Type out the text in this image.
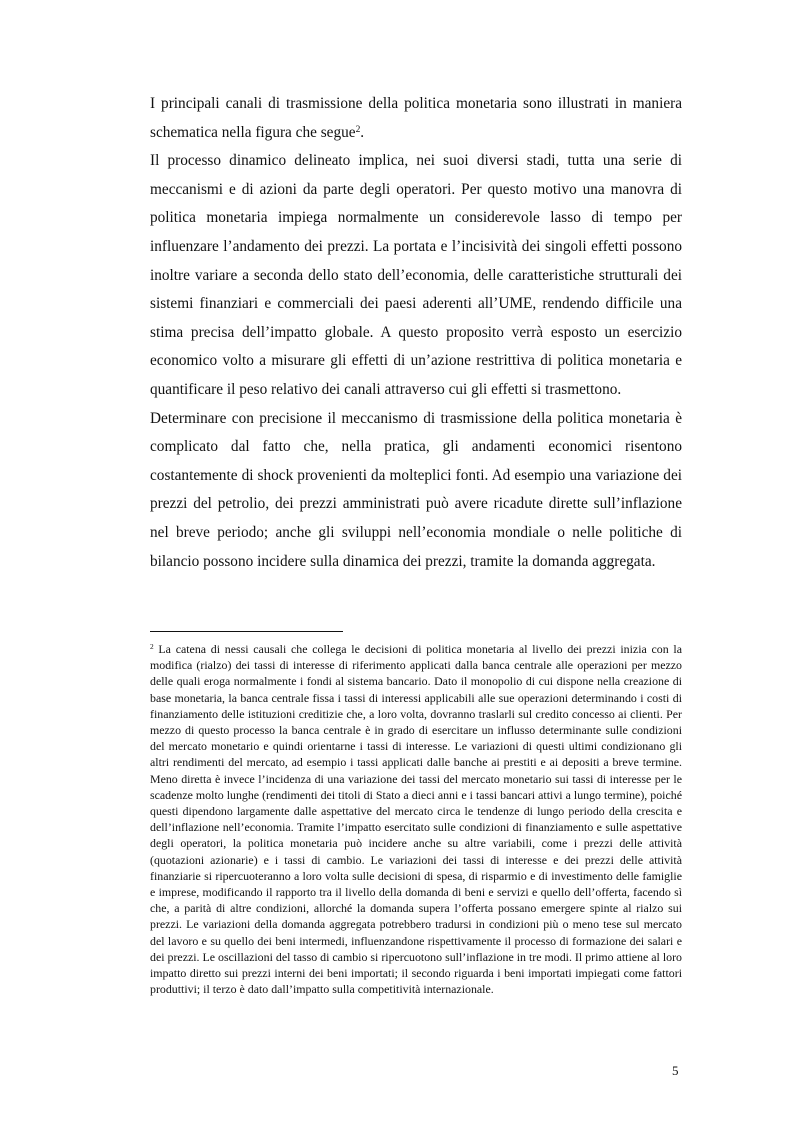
I principali canali di trasmissione della politica monetaria sono illustrati in maniera schematica nella figura che segue$^2$.

Il processo dinamico delineato implica, nei suoi diversi stadi, tutta una serie di meccanismi e di azioni da parte degli operatori. Per questo motivo una manovra di politica monetaria impiega normalmente un considerevole lasso di tempo per influenzare l’andamento dei prezzi. La portata e l’incisività dei singoli effetti possono inoltre variare a seconda dello stato dell’economia, delle caratteristiche strutturali dei sistemi finanziari e commerciali dei paesi aderenti all’UME, rendendo difficile una stima precisa dell’impatto globale. A questo proposito verrà esposto un esercizio economico volto a misurare gli effetti di un’azione restrittiva di politica monetaria e quantificare il peso relativo dei canali attraverso cui gli effetti si trasmettono.

Determinare con precisione il meccanismo di trasmissione della politica monetaria è complicato dal fatto che, nella pratica, gli andamenti economici risentono costantemente di shock provenienti da molteplici fonti. Ad esempio una variazione dei prezzi del petrolio, dei prezzi amministrati può avere ricadute dirette sull’inflazione nel breve periodo; anche gli sviluppi nell’economia mondiale o nelle politiche di bilancio possono incidere sulla dinamica dei prezzi, tramite la domanda aggregata.

$^2$ La catena di nessi causali che collega le decisioni di politica monetaria al livello dei prezzi inizia con la modifica (rialzo) dei tassi di interesse di riferimento applicati dalla banca centrale alle operazioni per mezzo delle quali eroga normalmente i fondi al sistema bancario. Dato il monopolio di cui dispone nella creazione di base monetaria, la banca centrale fissa i tassi di interessi applicabili alle sue operazioni determinando i costi di finanziamento delle istituzioni creditizie che, a loro volta, dovranno traslarli sul credito concesso ai clienti. Per mezzo di questo processo la banca centrale è in grado di esercitare un influsso determinante sulle condizioni del mercato monetario e quindi orientarne i tassi di interesse. Le variazioni di questi ultimi condizionano gli altri rendimenti del mercato, ad esempio i tassi applicati dalle banche ai prestiti e ai depositi a breve termine. Meno diretta è invece l’incidenza di una variazione dei tassi del mercato monetario sui tassi di interesse per le scadenze molto lunghe (rendimenti dei titoli di Stato a dieci anni e i tassi bancari attivi a lungo termine), poiché questi dipendono largamente dalle aspettative del mercato circa le tendenze di lungo periodo della crescita e dell’inflazione nell’economia. Tramite l’impatto esercitato sulle condizioni di finanziamento e sulle aspettative degli operatori, la politica monetaria può incidere anche su altre variabili, come i prezzi delle attività (quotazioni azionarie) e i tassi di cambio. Le variazioni dei tassi di interesse e dei prezzi delle attività finanziarie si ripercuoteranno a loro volta sulle decisioni di spesa, di risparmio e di investimento delle famiglie e imprese, modificando il rapporto tra il livello della domanda di beni e servizi e quello dell’offerta, facendo sì che, a parità di altre condizioni, allorché la domanda supera l’offerta possano emergere spinte al rialzo sui prezzi. Le variazioni della domanda aggregata potrebbero tradursi in condizioni più o meno tese sul mercato del lavoro e su quello dei beni intermedi, influenzandone rispettivamente il processo di formazione dei salari e dei prezzi. Le oscillazioni del tasso di cambio si ripercuotono sull’inflazione in tre modi. Il primo attiene al loro impatto diretto sui prezzi interni dei beni importati; il secondo riguarda i beni importati impiegati come fattori produttivi; il terzo è dato dall’impatto sulla competitività internazionale.

5
